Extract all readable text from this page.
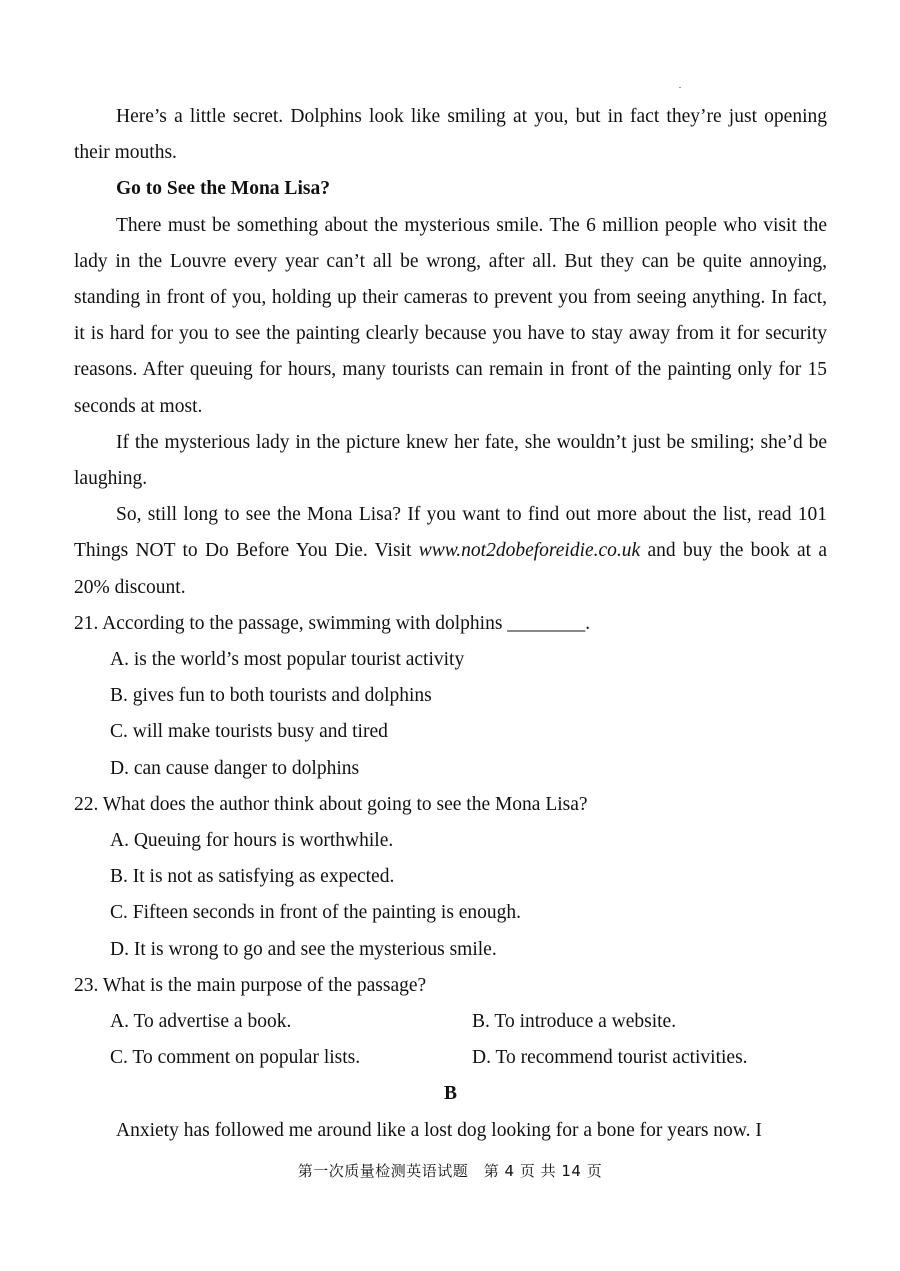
Here’s a little secret. Dolphins look like smiling at you, but in fact they’re just opening their mouths.

Go to See the Mona Lisa?

There must be something about the mysterious smile. The 6 million people who visit the lady in the Louvre every year can’t all be wrong, after all. But they can be quite annoying, standing in front of you, holding up their cameras to prevent you from seeing anything. In fact, it is hard for you to see the painting clearly because you have to stay away from it for security reasons. After queuing for hours, many tourists can remain in front of the painting only for 15 seconds at most.

If the mysterious lady in the picture knew her fate, she wouldn’t just be smiling; she’d be laughing.

So, still long to see the Mona Lisa? If you want to find out more about the list, read 101 Things NOT to Do Before You Die. Visit www.not2dobeforeidie.co.uk and buy the book at a 20% discount.

21. According to the passage, swimming with dolphins ________.

A. is the world’s most popular tourist activity

B. gives fun to both tourists and dolphins

C. will make tourists busy and tired

D. can cause danger to dolphins

22. What does the author think about going to see the Mona Lisa?

A. Queuing for hours is worthwhile.

B. It is not as satisfying as expected.

C. Fifteen seconds in front of the painting is enough.

D. It is wrong to go and see the mysterious smile.

23. What is the main purpose of the passage?

A. To advertise a book.	B. To introduce a website.
C. To comment on popular lists.	D. To recommend tourist activities.

B

Anxiety has followed me around like a lost dog looking for a bone for years now. I

第一次质量检测英语试题　第 4 页 共 14 页
